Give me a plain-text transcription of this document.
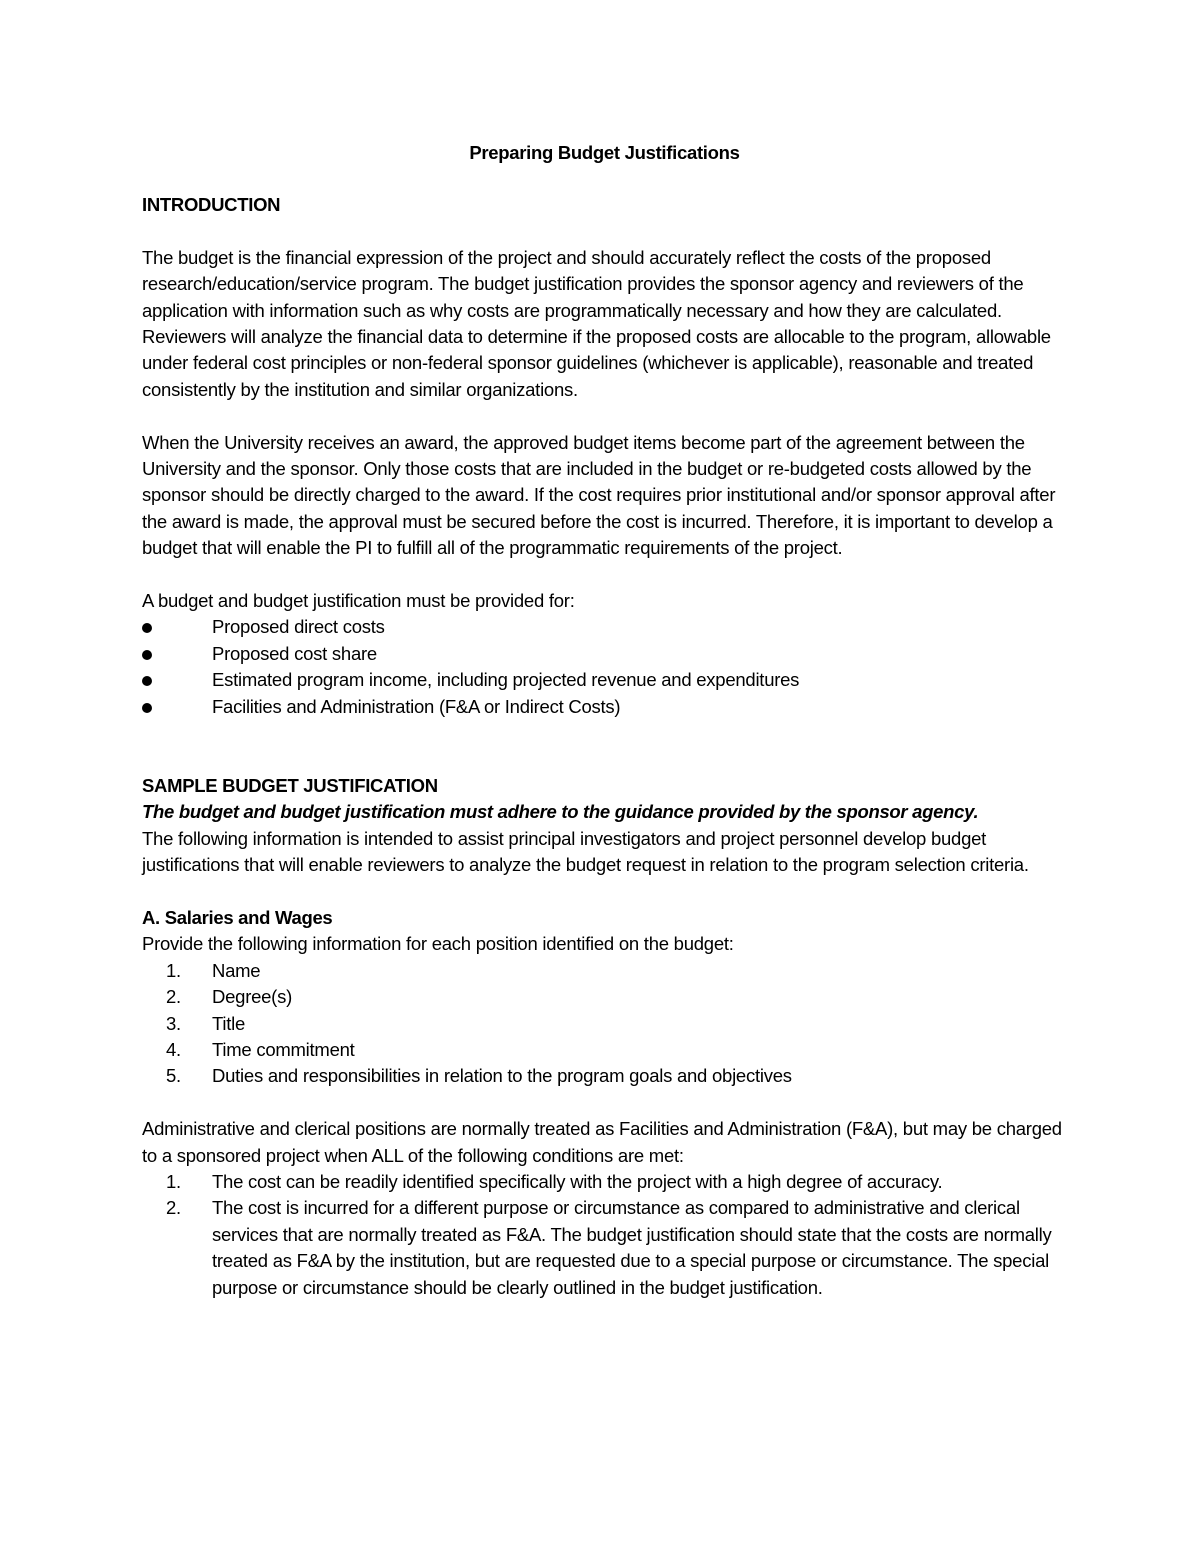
Preparing Budget Justifications

INTRODUCTION

The budget is the financial expression of the project and should accurately reflect the costs of the proposed research/education/service program. The budget justification provides the sponsor agency and reviewers of the application with information such as why costs are programmatically necessary and how they are calculated. Reviewers will analyze the financial data to determine if the proposed costs are allocable to the program, allowable under federal cost principles or non-federal sponsor guidelines (whichever is applicable), reasonable and treated consistently by the institution and similar organizations.

When the University receives an award, the approved budget items become part of the agreement between the University and the sponsor. Only those costs that are included in the budget or re-budgeted costs allowed by the sponsor should be directly charged to the award. If the cost requires prior institutional and/or sponsor approval after the award is made, the approval must be secured before the cost is incurred. Therefore, it is important to develop a budget that will enable the PI to fulfill all of the programmatic requirements of the project.

A budget and budget justification must be provided for:

Proposed direct costs
Proposed cost share
Estimated program income, including projected revenue and expenditures
Facilities and Administration (F&A or Indirect Costs)

SAMPLE BUDGET JUSTIFICATION

The budget and budget justification must adhere to the guidance provided by the sponsor agency.

The following information is intended to assist principal investigators and project personnel develop budget justifications that will enable reviewers to analyze the budget request in relation to the program selection criteria.

A. Salaries and Wages

Provide the following information for each position identified on the budget:

1. Name
2. Degree(s)
3. Title
4. Time commitment
5. Duties and responsibilities in relation to the program goals and objectives

Administrative and clerical positions are normally treated as Facilities and Administration (F&A), but may be charged to a sponsored project when ALL of the following conditions are met:

1. The cost can be readily identified specifically with the project with a high degree of accuracy.
2. The cost is incurred for a different purpose or circumstance as compared to administrative and clerical services that are normally treated as F&A. The budget justification should state that the costs are normally treated as F&A by the institution, but are requested due to a special purpose or circumstance. The special purpose or circumstance should be clearly outlined in the budget justification.
